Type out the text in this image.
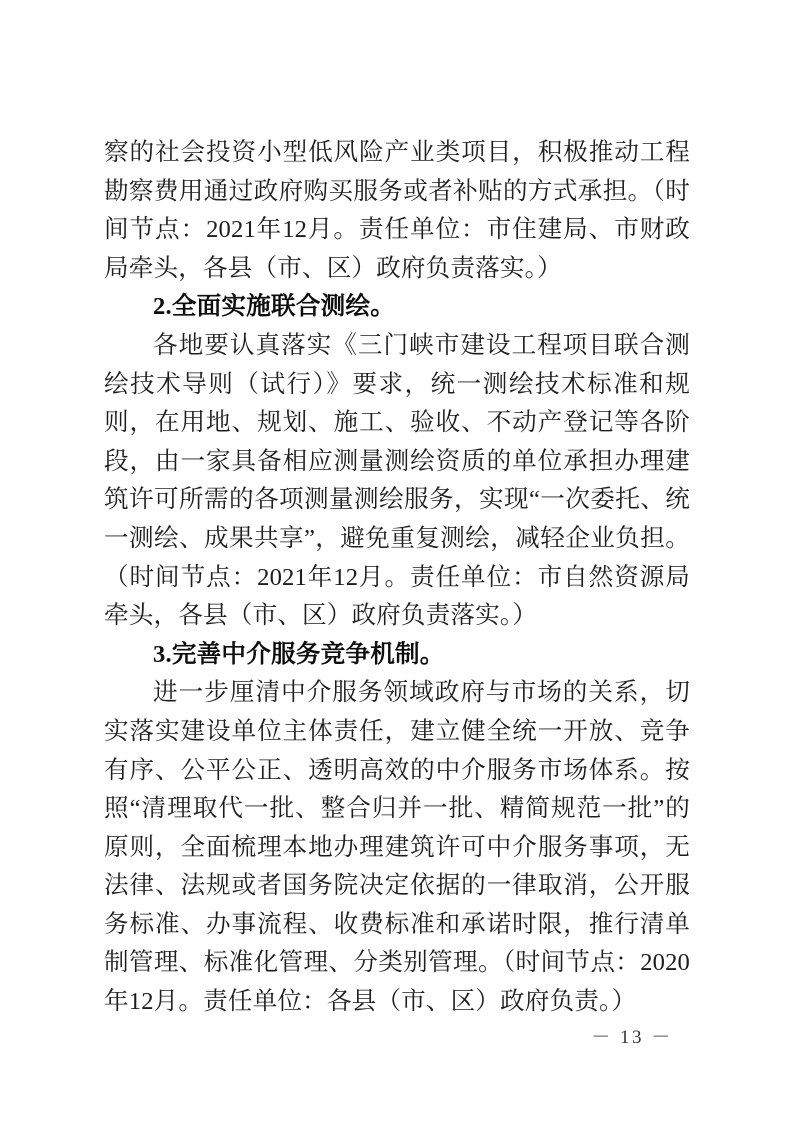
察的社会投资小型低风险产业类项目，积极推动工程勘察费用通过政府购买服务或者补贴的方式承担。（时间节点：2021年12月。责任单位：市住建局、市财政局牵头，各县（市、区）政府负责落实。）

2.全面实施联合测绘。

各地要认真落实《三门峡市建设工程项目联合测绘技术导则（试行）》要求，统一测绘技术标准和规则，在用地、规划、施工、验收、不动产登记等各阶段，由一家具备相应测量测绘资质的单位承担办理建筑许可所需的各项测量测绘服务，实现“一次委托、统一测绘、成果共享”，避免重复测绘，减轻企业负担。（时间节点：2021年12月。责任单位：市自然资源局牵头，各县（市、区）政府负责落实。）

3.完善中介服务竞争机制。

进一步厘清中介服务领域政府与市场的关系，切实落实建设单位主体责任，建立健全统一开放、竞争有序、公平公正、透明高效的中介服务市场体系。按照“清理取代一批、整合归并一批、精简规范一批”的原则，全面梳理本地办理建筑许可中介服务事项，无法律、法规或者国务院决定依据的一律取消，公开服务标准、办事流程、收费标准和承诺时限，推行清单制管理、标准化管理、分类别管理。（时间节点：2020年12月。责任单位：各县（市、区）政府负责。）

－ 13 －
